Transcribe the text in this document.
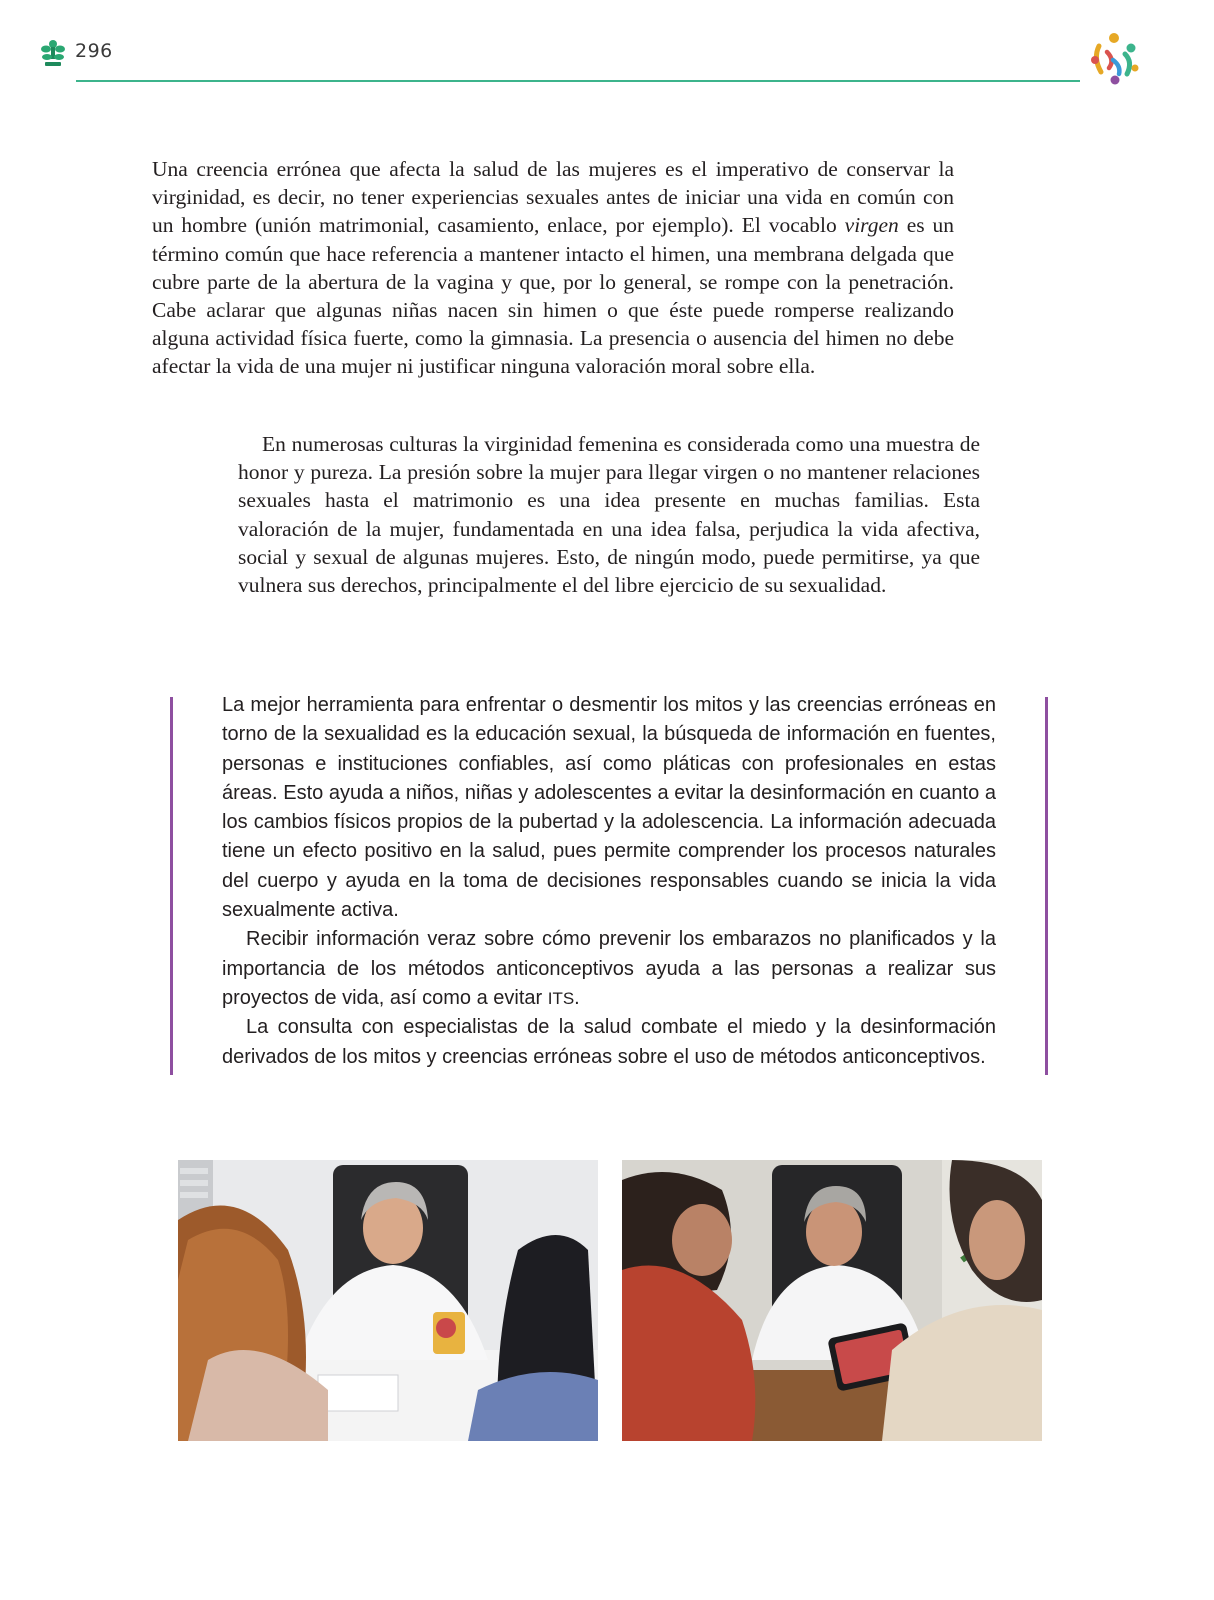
296

Una creencia errónea que afecta la salud de las mujeres es el imperativo de conservar la virginidad, es decir, no tener experiencias sexuales antes de iniciar una vida en común con un hombre (unión matrimonial, casamiento, enlace, por ejemplo). El vocablo virgen es un término común que hace referencia a mantener intacto el himen, una membrana delgada que cubre parte de la abertura de la vagina y que, por lo general, se rompe con la penetración. Cabe aclarar que algunas niñas nacen sin himen o que éste puede romperse realizando alguna actividad física fuerte, como la gimnasia. La presencia o ausencia del himen no debe afectar la vida de una mujer ni justificar ninguna valoración moral sobre ella.

En numerosas culturas la virginidad femenina es considerada como una muestra de honor y pureza. La presión sobre la mujer para llegar virgen o no mantener relaciones sexuales hasta el matrimonio es una idea presente en muchas familias. Esta valoración de la mujer, fundamentada en una idea falsa, perjudica la vida afectiva, social y sexual de algunas mujeres. Esto, de ningún modo, puede permitirse, ya que vulnera sus derechos, principalmente el del libre ejercicio de su sexualidad.

La mejor herramienta para enfrentar o desmentir los mitos y las creencias erróneas en torno de la sexualidad es la educación sexual, la búsqueda de información en fuentes, personas e instituciones confiables, así como pláticas con profesionales en estas áreas. Esto ayuda a niños, niñas y adolescentes a evitar la desinformación en cuanto a los cambios físicos propios de la pubertad y la adolescencia. La información adecuada tiene un efecto positivo en la salud, pues permite comprender los procesos naturales del cuerpo y ayuda en la toma de decisiones responsables cuando se inicia la vida sexualmente activa.

Recibir información veraz sobre cómo prevenir los embarazos no planificados y la importancia de los métodos anticonceptivos ayuda a las personas a realizar sus proyectos de vida, así como a evitar ITS.

La consulta con especialistas de la salud combate el miedo y la desinformación derivados de los mitos y creencias erróneas sobre el uso de métodos anticonceptivos.
